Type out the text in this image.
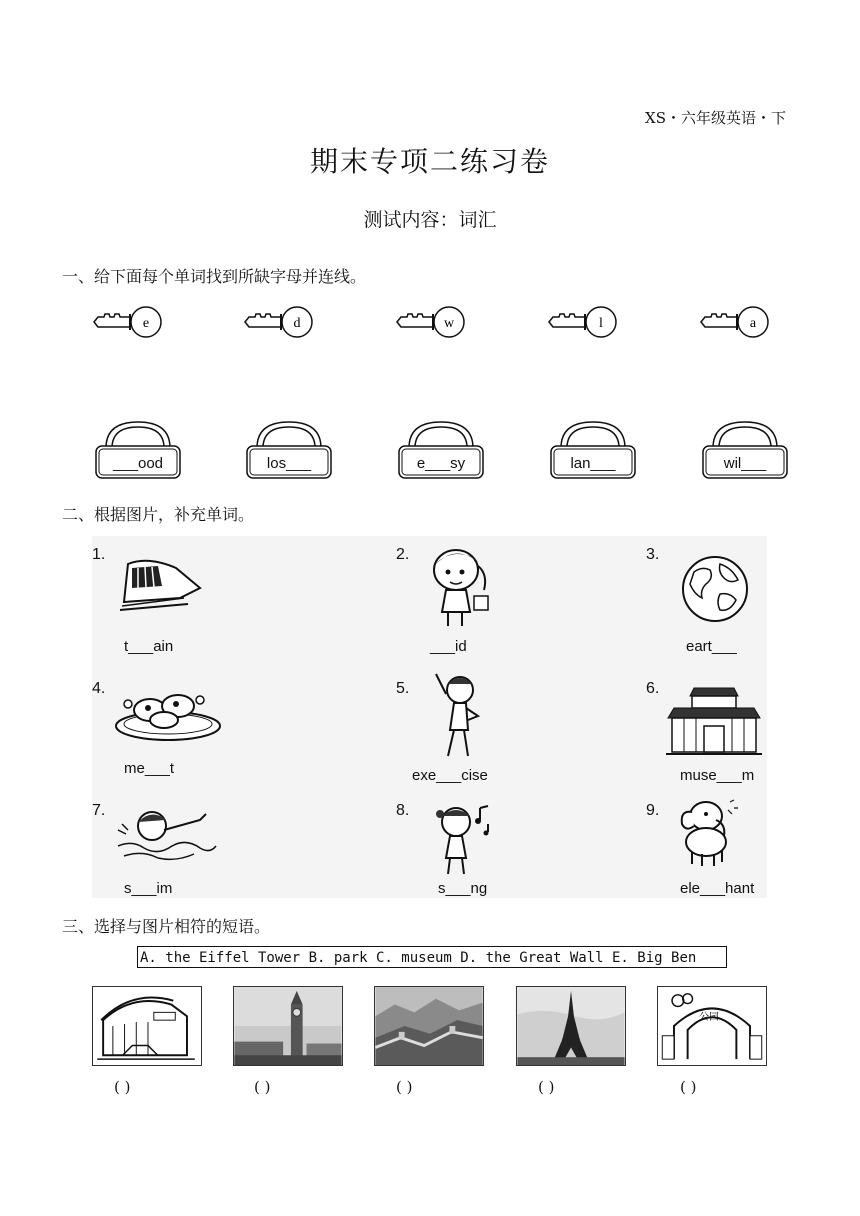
XS・六年级英语・下
期末专项二练习卷
测试内容：词汇
一、给下面每个单词找到所缺字母并连线。
e	d	w	l	a
___ood	los___	e___sy	lan___	wil___
二、根据图片，补充单词。
1.
t___ain
2.
___id
3.
eart___
4.
me___t
5.
exe___cise
6.
muse___m
7.
s___im
8.
s___ng
9.
ele___hant
三、选择与图片相符的短语。
A. the Eiffel Tower B. park C. museum D. the Great Wall E. Big Ben
( )	( )	( )	( )
公园
( )
